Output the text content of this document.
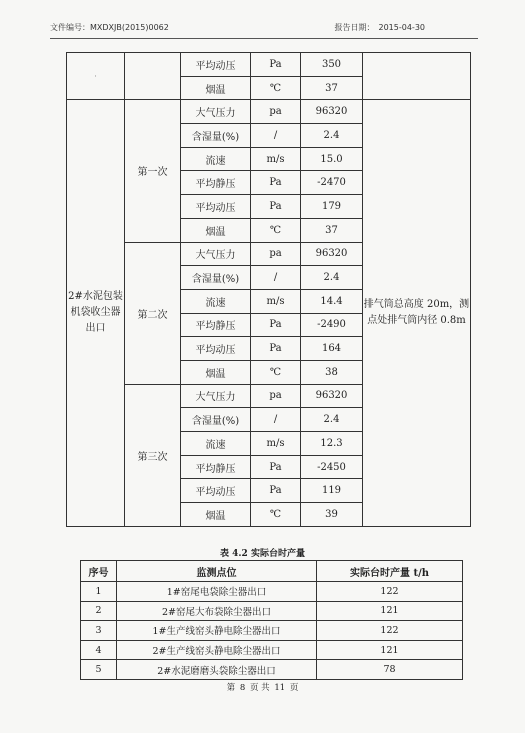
文件编号：MXDXJB(2015)0062	报告日期： 2015-04-30
·		平均动压	Pa	350	
		烟温	℃	37	
2#水泥包装机袋收尘器出口	第一次	大气压力	pa	96320	排气筒总高度 20m，测点处排气筒内径 0.8m
		含湿量(%)	/	2.4	
		流速	m/s	15.0	
		平均静压	Pa	-2470	
		平均动压	Pa	179	
		烟温	℃	37	
	第二次	大气压力	pa	96320	
		含湿量(%)	/	2.4	
		流速	m/s	14.4	
		平均静压	Pa	-2490	
		平均动压	Pa	164	
		烟温	℃	38	
	第三次	大气压力	pa	96320	
		含湿量(%)	/	2.4	
		流速	m/s	12.3	
		平均静压	Pa	-2450	
		平均动压	Pa	119	
		烟温	℃	39	
表 4.2 实际台时产量
序号	监测点位	实际台时产量 t/h
1	1#窑尾电袋除尘器出口	122
2	2#窑尾大布袋除尘器出口	121
3	1#生产线窑头静电除尘器出口	122
4	2#生产线窑头静电除尘器出口	121
5	2#水泥磨磨头袋除尘器出口	78
第 8 页 共 11 页
